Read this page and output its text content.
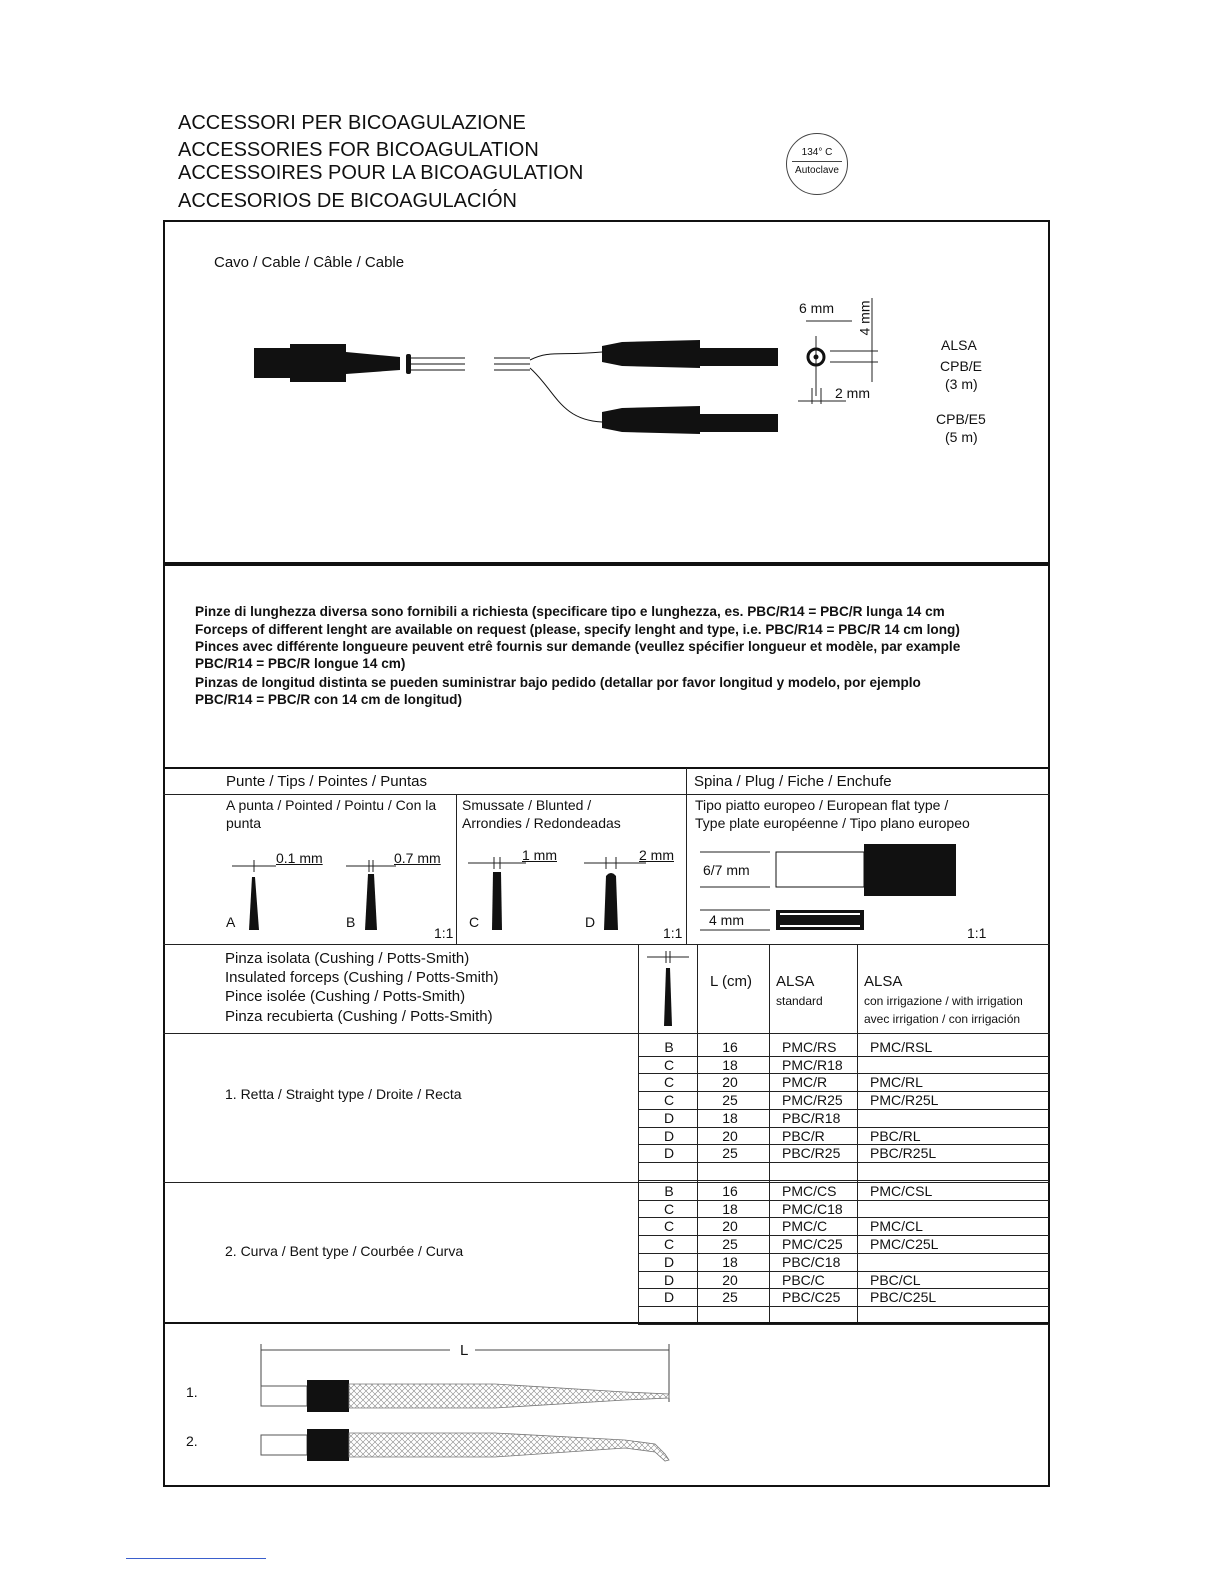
ACCESSORI PER BICOAGULAZIONE
ACCESSORIES FOR BICOAGULATION
ACCESSOIRES POUR LA BICOAGULATION
ACCESORIOS DE BICOAGULACIÓN
134° C
Autoclave
Cavo / Cable / Câble / Cable
6 mm 4 mm
2 mm
ALSA
CPB/E
(3 m)
CPB/E5
(5 m)
Pinze di lunghezza diversa sono fornibili a richiesta (specificare tipo e lunghezza, es. PBC/R14 = PBC/R lunga 14 cm
Forceps of different lenght are available on request (please, specify lenght and type, i.e. PBC/R14 = PBC/R 14 cm long)
Pinces avec différente longueure peuvent etrê fournis sur demande (veullez spécifier longueur et modèle, par example
PBC/R14 = PBC/R longue 14 cm)
Pinzas de longitud distinta se pueden suministrar bajo pedido (detallar por favor longitud y modelo, por ejemplo
PBC/R14 = PBC/R con 14 cm de longitud)
Punte / Tips / Pointes / Puntas	Spina / Plug / Fiche / Enchufe
A punta / Pointed / Pointu / Con la
punta
Smussate / Blunted /
Arrondies / Redondeadas
0.1 mm	0.7 mm	1 mm	2 mm
A	B	C	D
1:1	1:1
Tipo piatto europeo / European flat type /
Type plate européenne / Tipo plano europeo
6/7 mm
4 mm
1:1
Pinza isolata (Cushing / Potts-Smith)
Insulated forceps (Cushing / Potts-Smith)
Pince isolée (Cushing / Potts-Smith)
Pinza recubierta (Cushing / Potts-Smith)
L (cm) ALSA
standard
ALSA
con irrigazione / with irrigation
avec irrigation / con irrigación
1. Retta / Straight type / Droite / Recta
2. Curva / Bent type / Courbée / Curva
B	16	PMC/RS PMC/RSL
C	18	PMC/R18
C	20	PMC/R	PMC/RL
C	25	PMC/R25 PMC/R25L
D	18	PBC/R18
D	20	PBC/R	PBC/RL
D	25	PBC/R25 PBC/R25L
B	16	PMC/CS PMC/CSL
C	18	PMC/C18
C	20	PMC/C	PMC/CL
C	25	PMC/C25 PMC/C25L
D	18	PBC/C18
D	20	PBC/C	PBC/CL
D	25	PBC/C25 PBC/C25L
L
1.
2.
